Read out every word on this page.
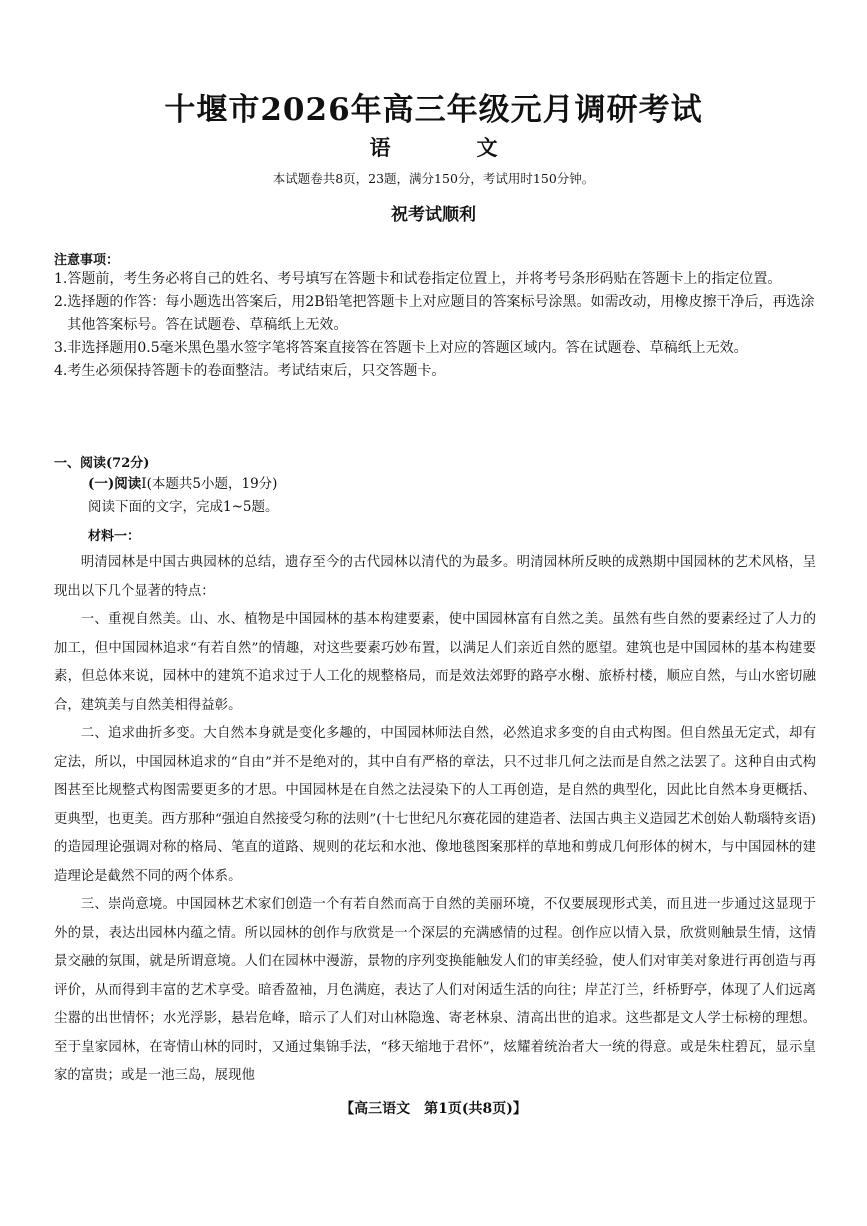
十堰市2026年高三年级元月调研考试
语	文
本试题卷共8页，23题，满分150分，考试用时150分钟。
祝考试顺利
注意事项：
1. 答题前，考生务必将自己的姓名、考号填写在答题卡和试卷指定位置上，并将考号条形码贴在答题卡上的指定位置。
2. 选择题的作答：每小题选出答案后，用2B铅笔把答题卡上对应题目的答案标号涂黑。如需改动，用橡皮擦干净后，再选涂其他答案标号。答在试题卷、草稿纸上无效。
3. 非选择题用0.5毫米黑色墨水签字笔将答案直接答在答题卡上对应的答题区域内。答在试题卷、草稿纸上无效。
4. 考生必须保持答题卡的卷面整洁。考试结束后，只交答题卡。
一、阅读(72分)
(一)阅读Ⅰ(本题共5小题，19分)
阅读下面的文字，完成1~5题。
材料一：

明清园林是中国古典园林的总结，遗存至今的古代园林以清代的为最多。明清园林所反映的成熟期中国园林的艺术风格，呈现出以下几个显著的特点：

一、重视自然美。山、水、植物是中国园林的基本构建要素，使中国园林富有自然之美。虽然有些自然的要素经过了人力的加工，但中国园林追求“有若自然”的情趣，对这些要素巧妙布置，以满足人们亲近自然的愿望。建筑也是中国园林的基本构建要素，但总体来说，园林中的建筑不追求过于人工化的规整格局，而是效法郊野的路亭水榭、旅桥村楼，顺应自然，与山水密切融合，建筑美与自然美相得益彰。

二、追求曲折多变。大自然本身就是变化多趣的，中国园林师法自然，必然追求多变的自由式构图。但自然虽无定式，却有定法，所以，中国园林追求的“自由”并不是绝对的，其中自有严格的章法，只不过非几何之法而是自然之法罢了。这种自由式构图甚至比规整式构图需要更多的才思。中国园林是在自然之法浸染下的人工再创造，是自然的典型化，因此比自然本身更概括、更典型，也更美。西方那种“强迫自然接受匀称的法则”(十七世纪凡尔赛花园的建造者、法国古典主义造园艺术创始人勒瑙特亥语)的造园理论强调对称的格局、笔直的道路、规则的花坛和水池、像地毯图案那样的草地和剪成几何形体的树木，与中国园林的建造理论是截然不同的两个体系。

三、崇尚意境。中国园林艺术家们创造一个有若自然而高于自然的美丽环境，不仅要展现形式美，而且进一步通过这显现于外的景，表达出园林内蕴之情。所以园林的创作与欣赏是一个深层的充满感情的过程。创作应以情入景，欣赏则触景生情，这情景交融的氛围，就是所谓意境。人们在园林中漫游，景物的序列变换能触发人们的审美经验，使人们对审美对象进行再创造与再评价，从而得到丰富的艺术享受。暗香盈袖，月色满庭，表达了人们对闲适生活的向往；岸芷汀兰，纤桥野亭，体现了人们远离尘嚣的出世情怀；水光浮影，悬岩危峰，暗示了人们对山林隐逸、寄老林泉、清高出世的追求。这些都是文人学士标榜的理想。至于皇家园林，在寄情山林的同时，又通过集锦手法，“移天缩地于君怀”，炫耀着统治者大一统的得意。或是朱柱碧瓦，显示皇家的富贵；或是一池三岛，展现他

【高三语文　第1页(共8页)】
